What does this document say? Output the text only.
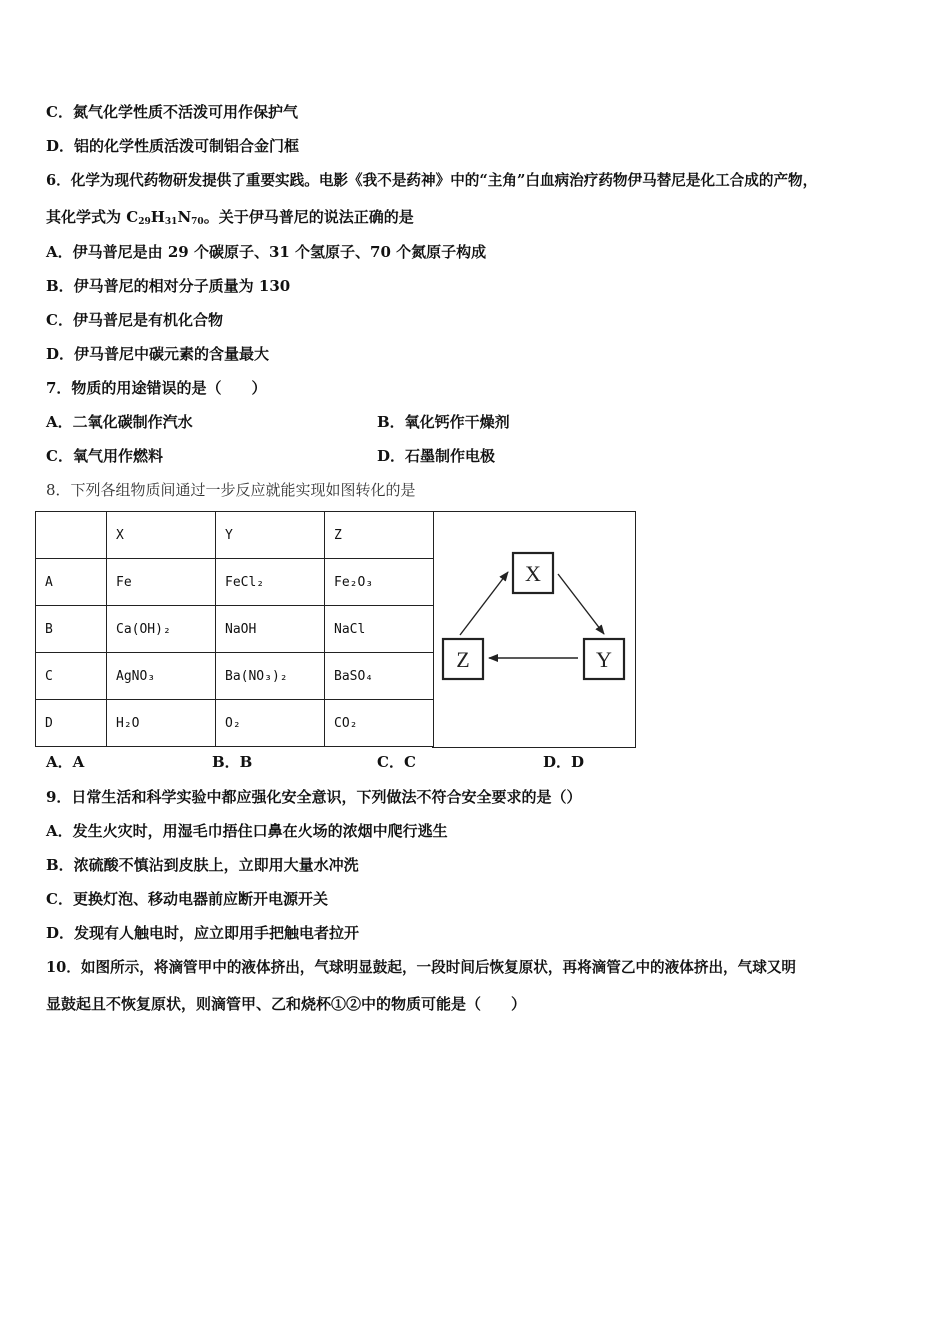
C．氮气化学性质不活泼可用作保护气
D．铝的化学性质活泼可制铝合金门框
6．化学为现代药物研发提供了重要实践。电影《我不是药神》中的“主角”白血病治疗药物伊马替尼是化工合成的产物，
其化学式为 $C_{29}H_{31}N_{70}$。关于伊马普尼的说法正确的是
A．伊马普尼是由 29 个碳原子、31 个氢原子、70 个氮原子构成
B．伊马普尼的相对分子质量为 130
C．伊马普尼是有机化合物
D．伊马普尼中碳元素的含量最大
7．物质的用途错误的是（　　）
A．二氧化碳制作汽水	B．氧化钙作干燥剂
C．氧气用作燃料	D．石墨制作电极
8．下列各组物质间通过一步反应就能实现如图转化的是
	X	Y	Z
A	Fe	FeCl₂	Fe₂O₃
B	Ca(OH)₂	NaOH	NaCl
C	AgNO₃	Ba(NO₃)₂	BaSO₄
D	H₂O	O₂	CO₂
X
Y
Z
A．A	B．B	C．C	D．D
9．日常生活和科学实验中都应强化安全意识，下列做法不符合安全要求的是（）
A．发生火灾时，用湿毛巾捂住口鼻在火场的浓烟中爬行逃生
B．浓硫酸不慎沾到皮肤上，立即用大量水冲洗
C．更换灯泡、移动电器前应断开电源开关
D．发现有人触电时，应立即用手把触电者拉开
10．如图所示，将滴管甲中的液体挤出，气球明显鼓起，一段时间后恢复原状，再将滴管乙中的液体挤出，气球又明
显鼓起且不恢复原状，则滴管甲、乙和烧杯①②中的物质可能是（　　）
